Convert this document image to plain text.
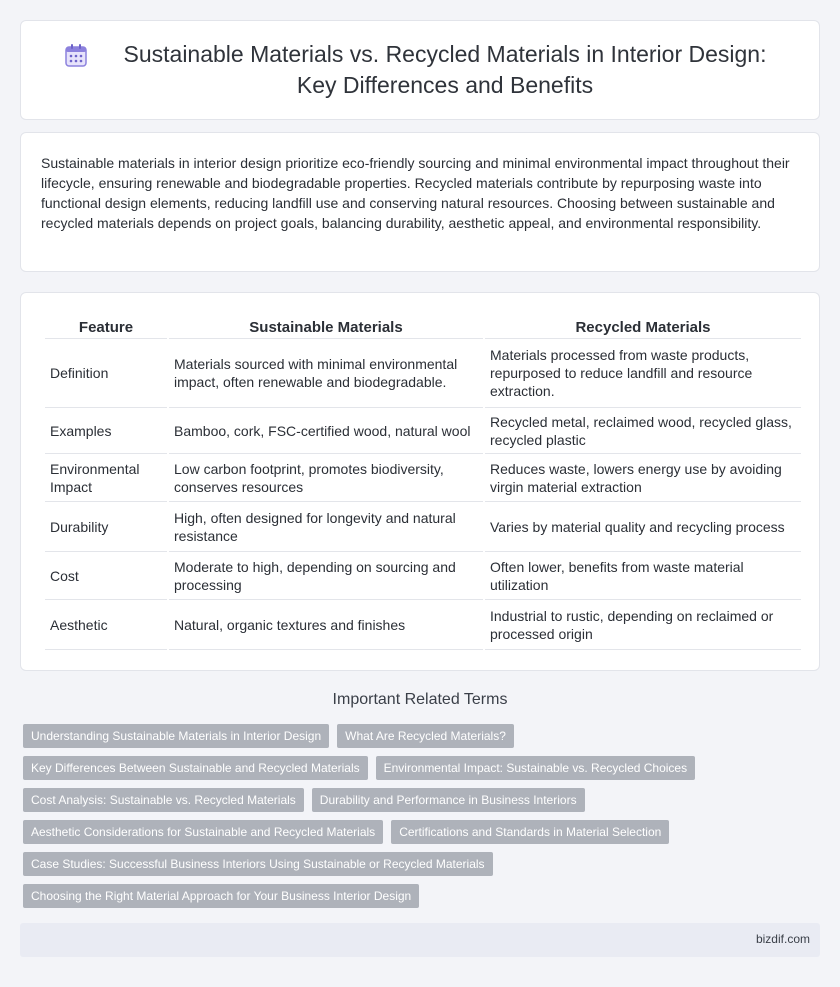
Sustainable Materials vs. Recycled Materials in Interior Design: Key Differences and Benefits

Sustainable materials in interior design prioritize eco-friendly sourcing and minimal environmental impact throughout their lifecycle, ensuring renewable and biodegradable properties. Recycled materials contribute by repurposing waste into functional design elements, reducing landfill use and conserving natural resources. Choosing between sustainable and recycled materials depends on project goals, balancing durability, aesthetic appeal, and environmental responsibility.

Feature	Sustainable Materials	Recycled Materials
Definition	Materials sourced with minimal environmental impact, often renewable and biodegradable.	Materials processed from waste products, repurposed to reduce landfill and resource extraction.
Examples	Bamboo, cork, FSC-certified wood, natural wool	Recycled metal, reclaimed wood, recycled glass, recycled plastic
Environmental Impact	Low carbon footprint, promotes biodiversity, conserves resources	Reduces waste, lowers energy use by avoiding virgin material extraction
Durability	High, often designed for longevity and natural resistance	Varies by material quality and recycling process
Cost	Moderate to high, depending on sourcing and processing	Often lower, benefits from waste material utilization
Aesthetic	Natural, organic textures and finishes	Industrial to rustic, depending on reclaimed or processed origin
Important Related Terms
Understanding Sustainable Materials in Interior Design	What Are Recycled Materials?
Key Differences Between Sustainable and Recycled Materials	Environmental Impact: Sustainable vs. Recycled Choices
Cost Analysis: Sustainable vs. Recycled Materials	Durability and Performance in Business Interiors
Aesthetic Considerations for Sustainable and Recycled Materials	Certifications and Standards in Material Selection
Case Studies: Successful Business Interiors Using Sustainable or Recycled Materials
Choosing the Right Material Approach for Your Business Interior Design
bizdif.com
